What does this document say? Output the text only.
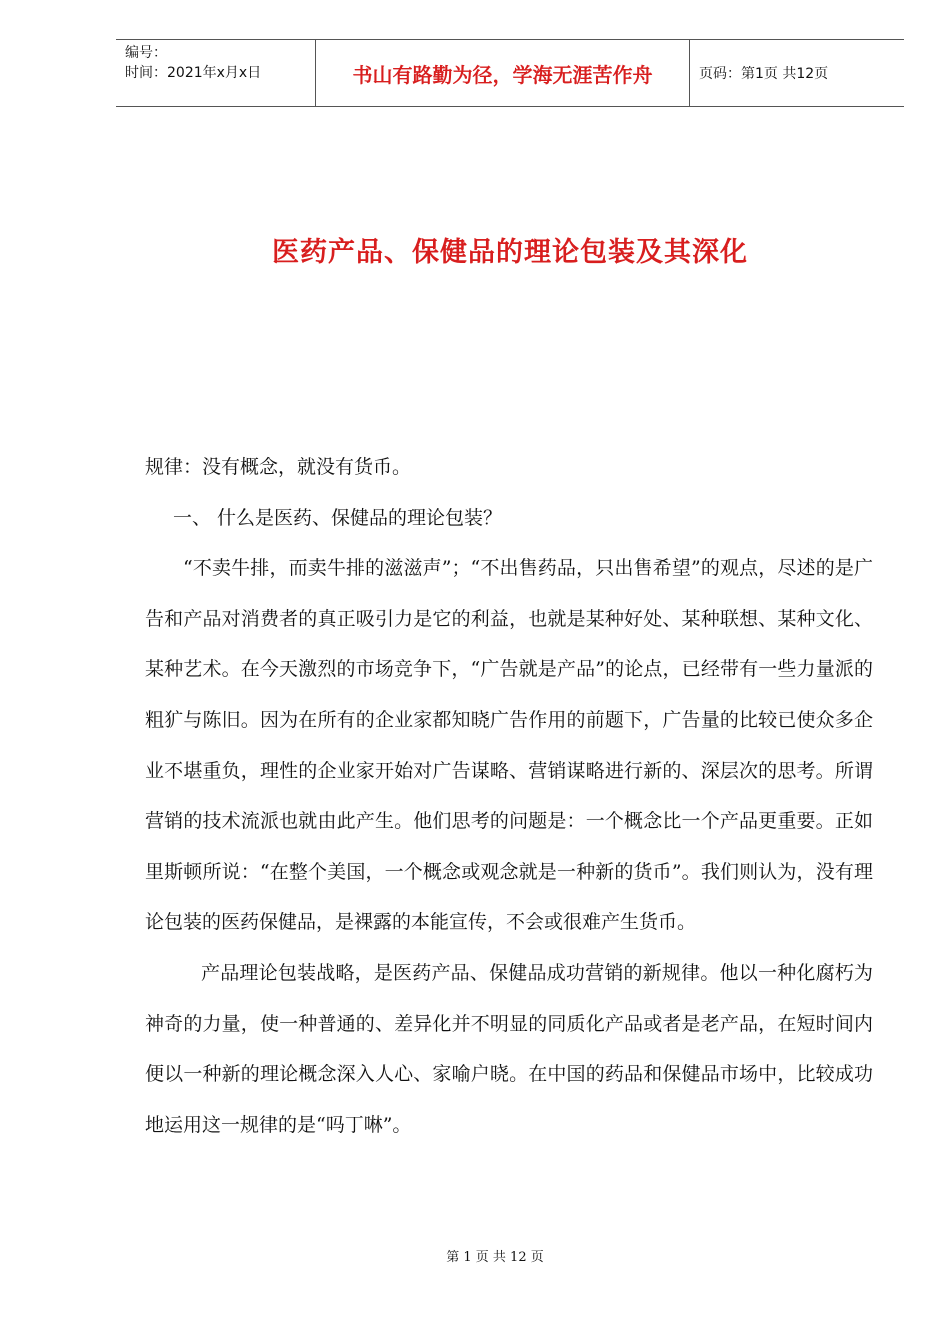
编号：
时间：2021年x月x日	书山有路勤为径，学海无涯苦作舟	页码：第1页 共12页
医药产品、保健品的理论包装及其深化

规律：没有概念，就没有货币。

一、 什么是医药、保健品的理论包装？

“不卖牛排，而卖牛排的滋滋声”；“不出售药品，只出售希望”的观点，尽述的是广告和产品对消费者的真正吸引力是它的利益，也就是某种好处、某种联想、某种文化、某种艺术。在今天激烈的市场竞争下，“广告就是产品”的论点，已经带有一些力量派的粗犷与陈旧。因为在所有的企业家都知晓广告作用的前题下，广告量的比较已使众多企业不堪重负，理性的企业家开始对广告谋略、营销谋略进行新的、深层次的思考。所谓营销的技术流派也就由此产生。他们思考的问题是：一个概念比一个产品更重要。正如里斯顿所说：“在整个美国，一个概念或观念就是一种新的货币”。我们则认为，没有理论包装的医药保健品，是裸露的本能宣传，不会或很难产生货币。

产品理论包装战略，是医药产品、保健品成功营销的新规律。他以一种化腐朽为神奇的力量，使一种普通的、差异化并不明显的同质化产品或者是老产品，在短时间内便以一种新的理论概念深入人心、家喻户晓。在中国的药品和保健品市场中，比较成功地运用这一规律的是“吗丁啉”。

第 1 页 共 12 页
